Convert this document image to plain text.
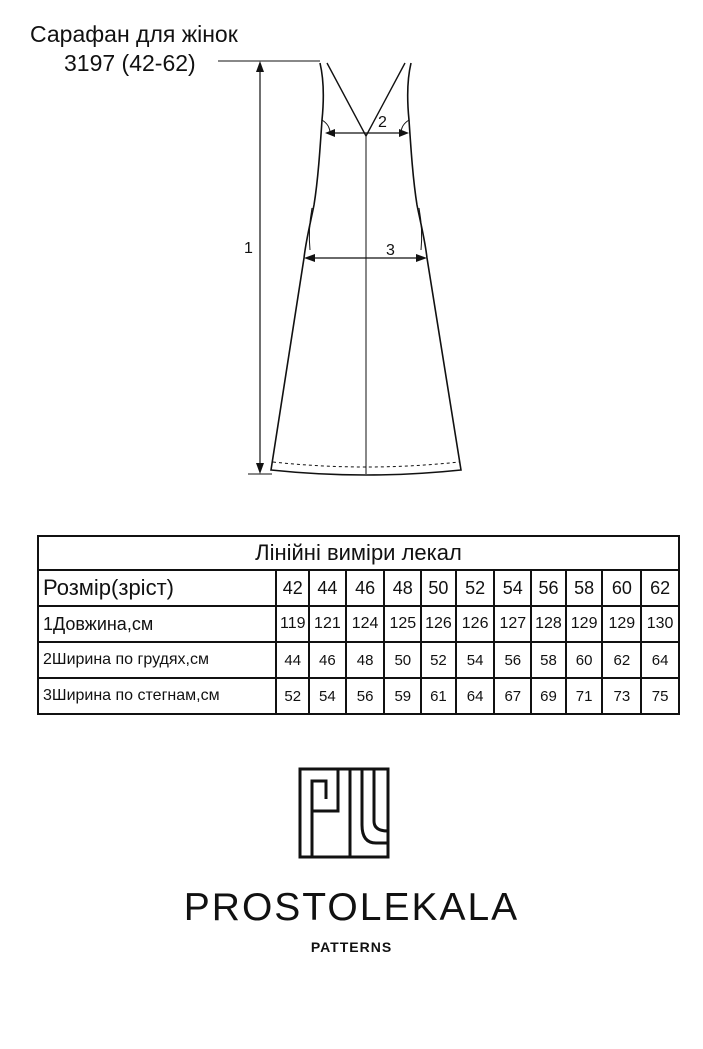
Сарафан для жінок
3197 (42-62)
1
2
3
Лінійні виміри лекал											
Розмір(зріст)	42	44	46	48	50	52	54	56	58	60	62
1Довжина,см	119	121	124	125	126	126	127	128	129	129	130
2Ширина по грудях,см	44	46	48	50	52	54	56	58	60	62	64
3Ширина по стегнам,см	52	54	56	59	61	64	67	69	71	73	75
PROSTOLEKALA
PATTERNS
